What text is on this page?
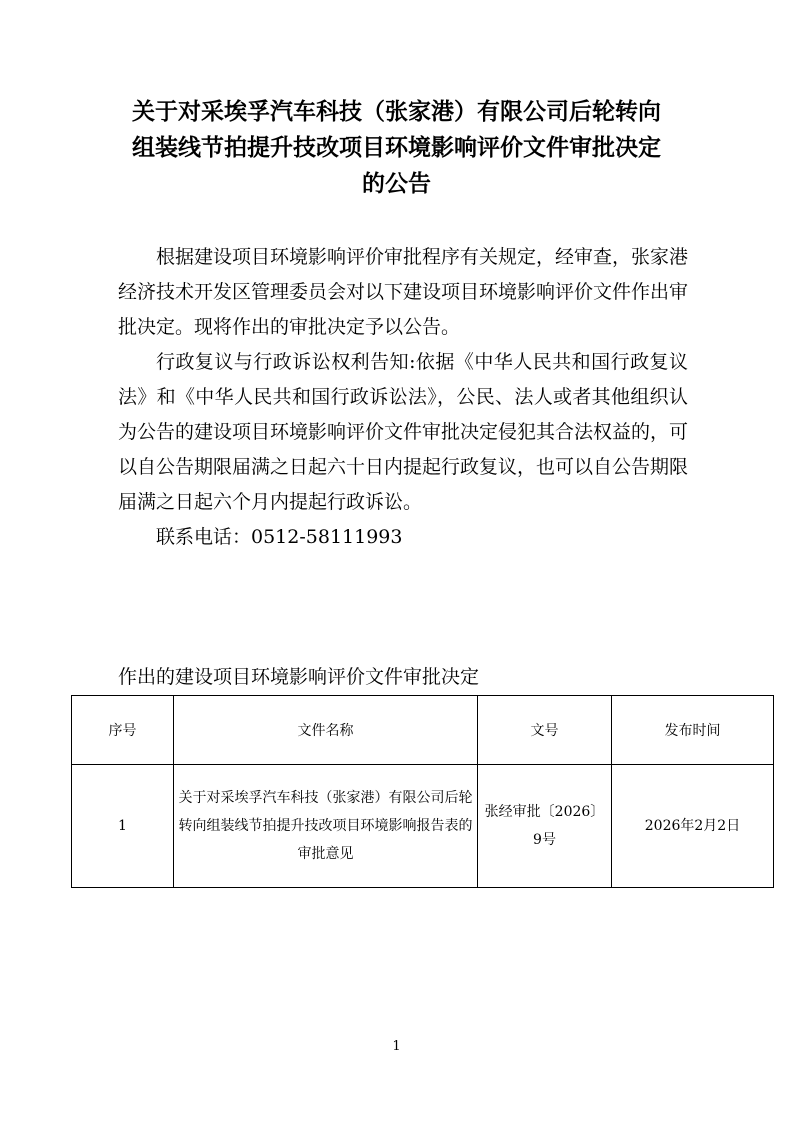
关于对采埃孚汽车科技（张家港）有限公司后轮转向
组装线节拍提升技改项目环境影响评价文件审批决定
的公告

根据建设项目环境影响评价审批程序有关规定，经审查，张家港经济技术开发区管理委员会对以下建设项目环境影响评价文件作出审批决定。现将作出的审批决定予以公告。

行政复议与行政诉讼权利告知:依据《中华人民共和国行政复议法》和《中华人民共和国行政诉讼法》，公民、法人或者其他组织认为公告的建设项目环境影响评价文件审批决定侵犯其合法权益的，可以自公告期限届满之日起六十日内提起行政复议，也可以自公告期限届满之日起六个月内提起行政诉讼。

联系电话：0512-58111993

作出的建设项目环境影响评价文件审批决定
序号	文件名称	文号	发布时间
1	关于对采埃孚汽车科技（张家港）有限公司后轮转向组装线节拍提升技改项目环境影响报告表的审批意见	张经审批〔2026〕9号	2026年2月2日
1
